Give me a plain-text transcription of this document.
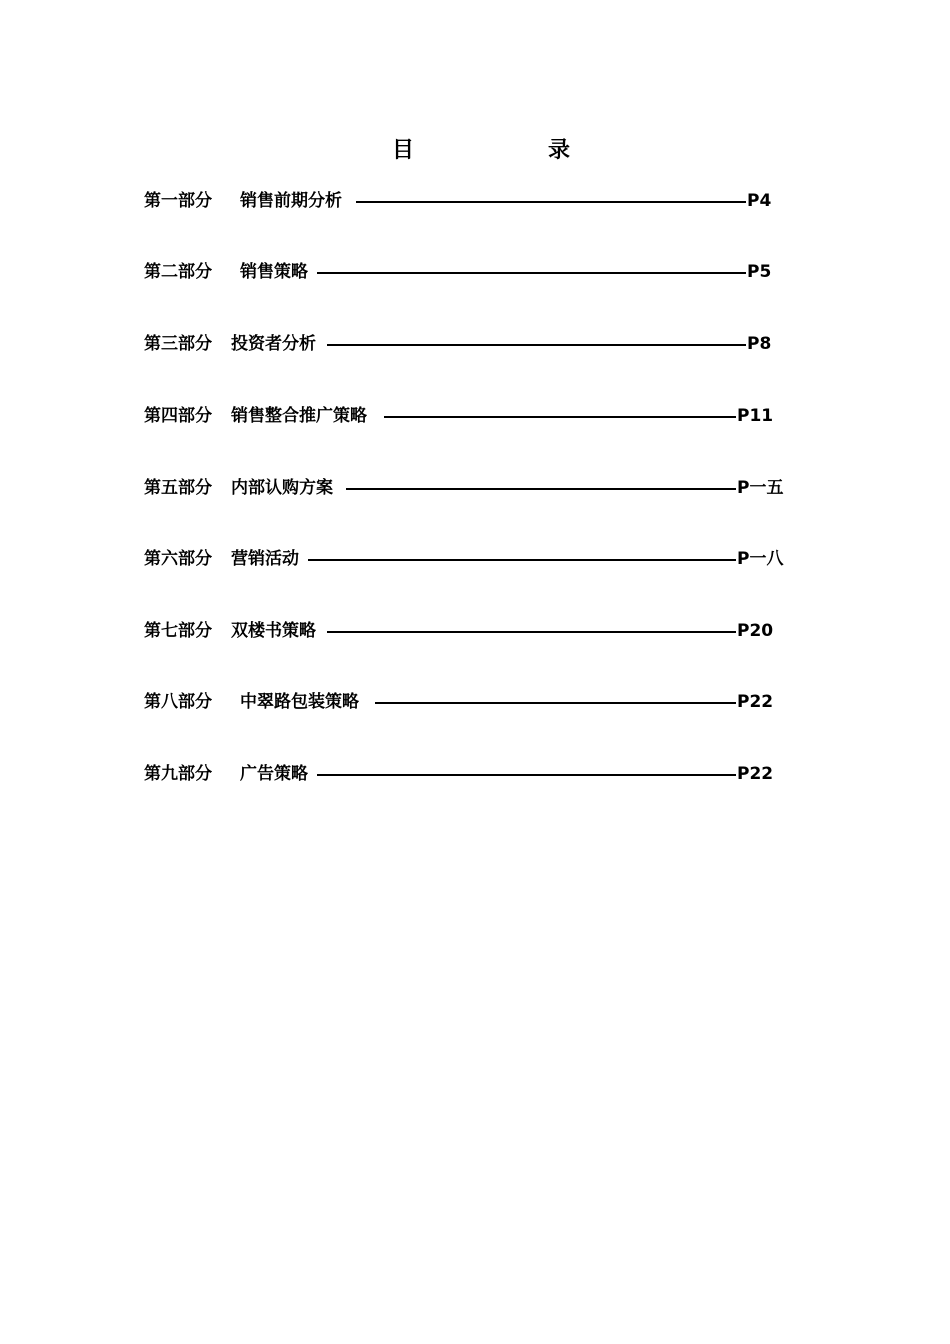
目	录
第一部分 销售前期分析	P4
第二部分 销售策略	P5
第三部分 投资者分析	P8
第四部分 销售整合推广策略	P11
第五部分 内部认购方案	P一五
第六部分 营销活动	P一八
第七部分 双楼书策略	P20
第八部分 中翠路包装策略	P22
第九部分 广告策略	P22
